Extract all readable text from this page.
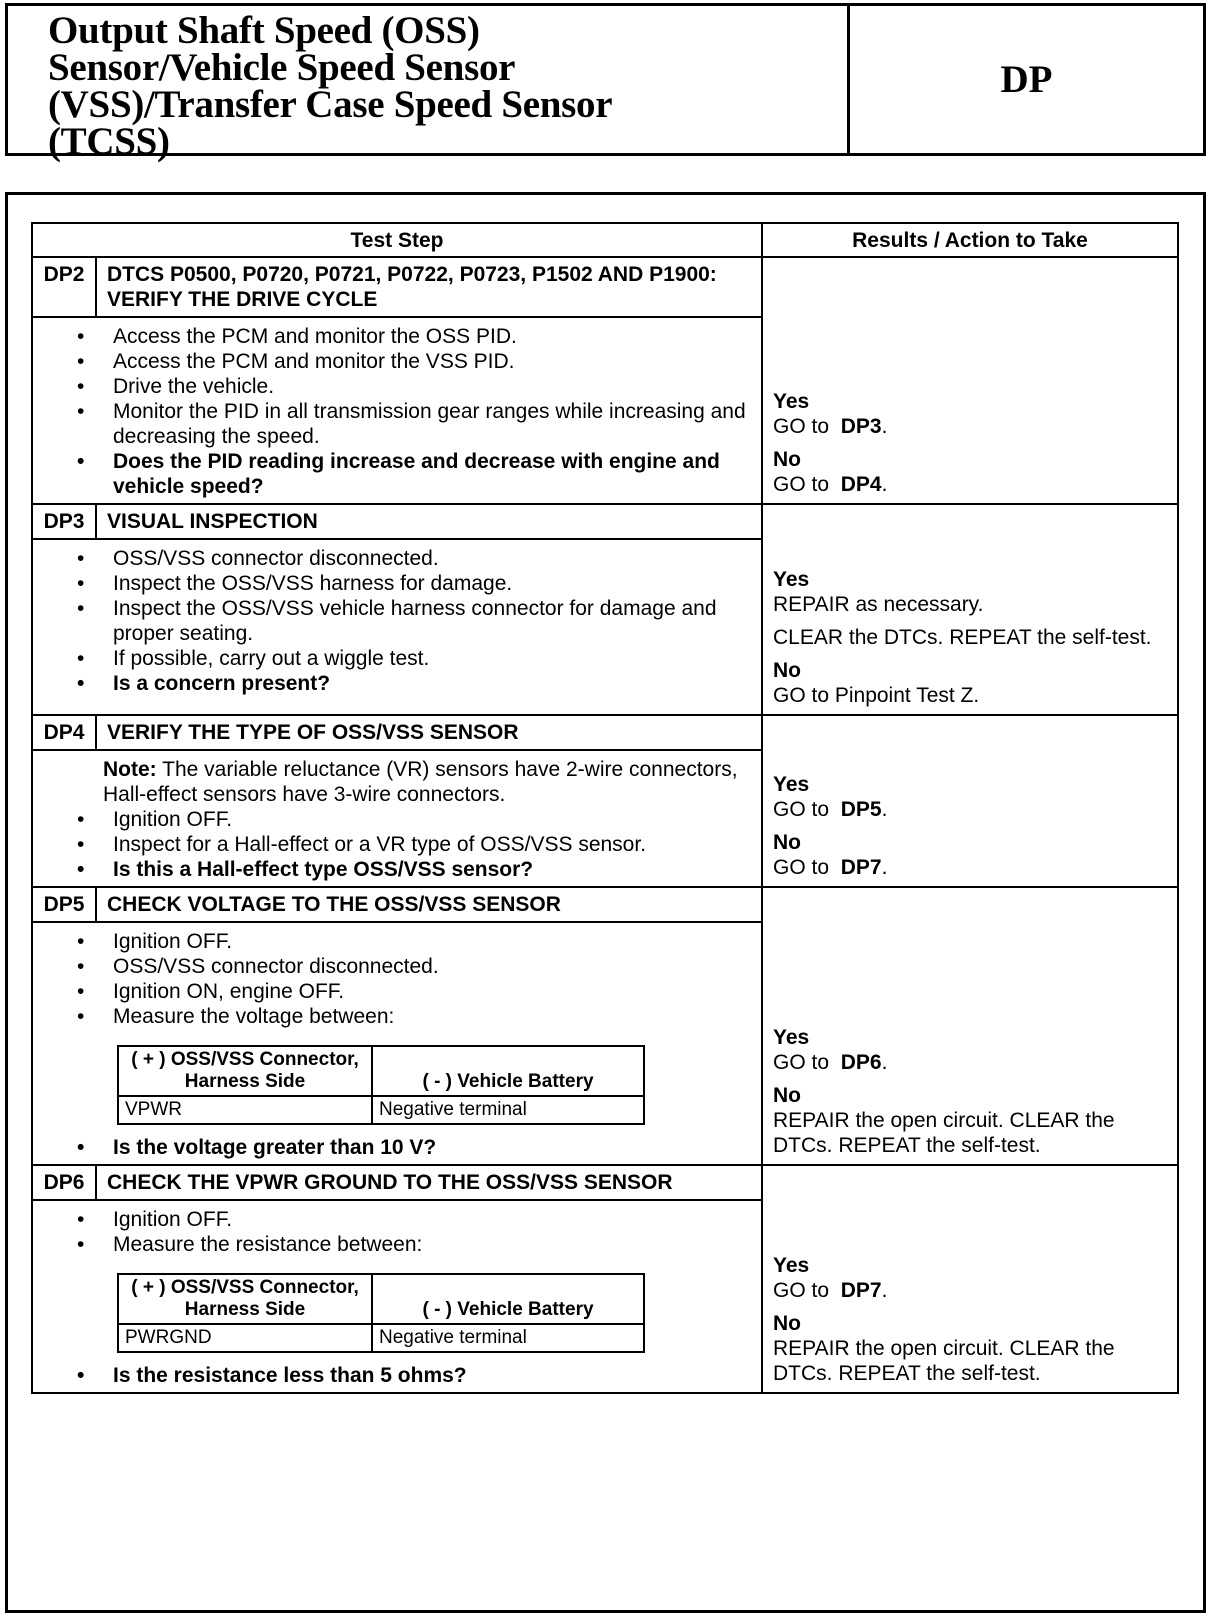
Output Shaft Speed (OSS)
Sensor/Vehicle Speed Sensor
(VSS)/Transfer Case Speed Sensor
(TCSS)
DP
Test Step	Results / Action to Take
DP2	DTCS P0500, P0720, P0721, P0722, P0723, P1502 AND P1900: VERIFY THE DRIVE CYCLE	
Yes
GO to DP3.
No
GO to DP4.

• Access the PCM and monitor the OSS PID.
• Access the PCM and monitor the VSS PID.
• Drive the vehicle.
• Monitor the PID in all transmission gear ranges while increasing and decreasing the speed.
• Does the PID reading increase and decrease with engine and vehicle speed?

DP3	VISUAL INSPECTION	
Yes
REPAIR as necessary.
CLEAR the DTCs. REPEAT the self-test.
No
GO to Pinpoint Test Z.

• OSS/VSS connector disconnected.
• Inspect the OSS/VSS harness for damage.
• Inspect the OSS/VSS vehicle harness connector for damage and proper seating.
• If possible, carry out a wiggle test.
• Is a concern present?

DP4	VERIFY THE TYPE OF OSS/VSS SENSOR	
Yes
GO to DP5.
No
GO to DP7.

Note: The variable reluctance (VR) sensors have 2-wire connectors, Hall-effect sensors have 3-wire connectors.
• Ignition OFF.
• Inspect for a Hall-effect or a VR type of OSS/VSS sensor.
• Is this a Hall-effect type OSS/VSS sensor?

DP5	CHECK VOLTAGE TO THE OSS/VSS SENSOR	
Yes
GO to DP6.
No
REPAIR the open circuit. CLEAR the DTCs. REPEAT the self-test.

• Ignition OFF.
• OSS/VSS connector disconnected.
• Ignition ON, engine OFF.
• Measure the voltage between:
( + ) OSS/VSS Connector, Harness Side	( - ) Vehicle Battery
VPWR	Negative terminal
• Is the voltage greater than 10 V?

DP6	CHECK THE VPWR GROUND TO THE OSS/VSS SENSOR	
Yes
GO to DP7.
No
REPAIR the open circuit. CLEAR the DTCs. REPEAT the self-test.

• Ignition OFF.
• Measure the resistance between:
( + ) OSS/VSS Connector, Harness Side	( - ) Vehicle Battery
PWRGND	Negative terminal
• Is the resistance less than 5 ohms?
